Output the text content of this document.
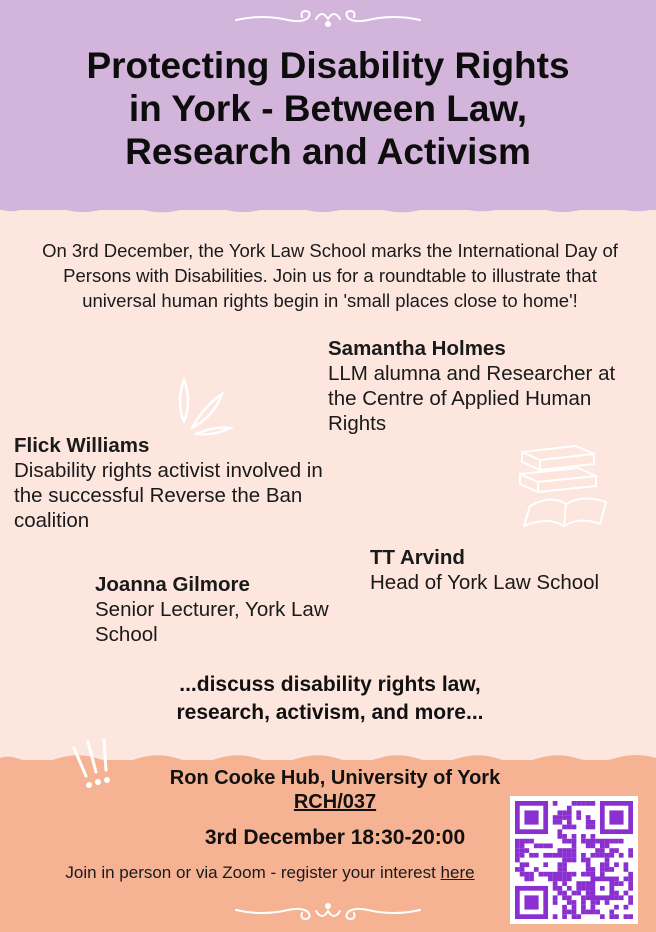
Protecting Disability Rights
in York - Between Law,
Research and Activism
On 3rd December, the York Law School marks the International Day of Persons with Disabilities. Join us for a roundtable to illustrate that universal human rights begin in 'small places close to home'!
Samantha Holmes
LLM alumna and Researcher at the Centre of Applied Human Rights
Flick Williams
Disability rights activist involved in the successful Reverse the Ban coalition
TT Arvind
Head of York Law School
Joanna Gilmore
Senior Lecturer, York Law School
...discuss disability rights law,
research, activism, and more...
Ron Cooke Hub, University of York
RCH/037
3rd December 18:30-20:00
Join in person or via Zoom - register your interest here
